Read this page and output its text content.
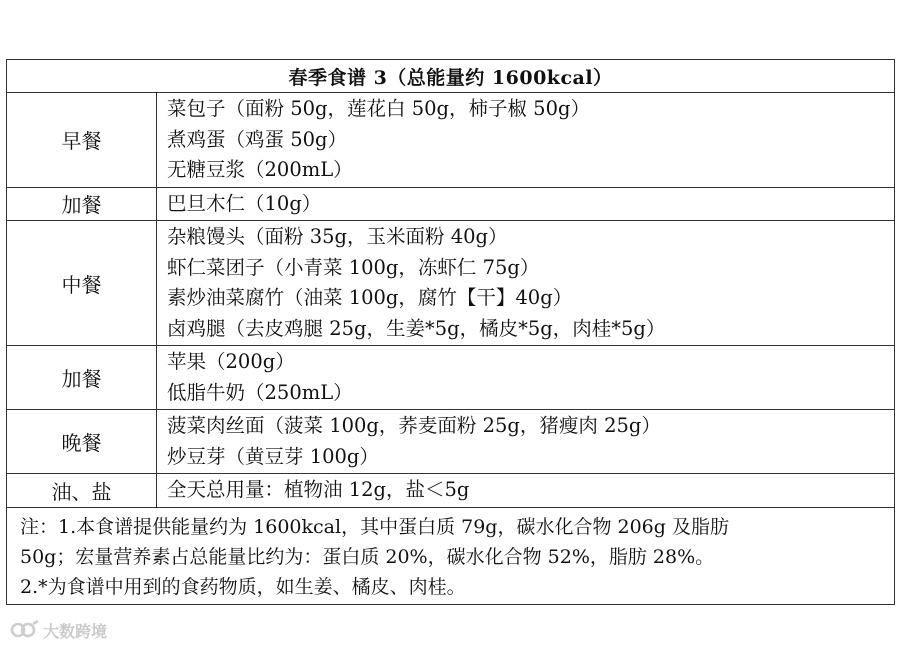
春季食谱 3（总能量约 1600kcal）	
早餐	菜包子（面粉 50g，莲花白 50g，柿子椒 50g）
煮鸡蛋（鸡蛋 50g）
无糖豆浆（200mL）

加餐	巴旦木仁（10g）

中餐	杂粮馒头（面粉 35g，玉米面粉 40g）
虾仁菜团子（小青菜 100g，冻虾仁 75g）
素炒油菜腐竹（油菜 100g，腐竹【干】40g）
卤鸡腿（去皮鸡腿 25g，生姜*5g，橘皮*5g，肉桂*5g）

加餐	苹果（200g）
低脂牛奶（250mL）

晚餐	菠菜肉丝面（菠菜 100g，荞麦面粉 25g，猪瘦肉 25g）
炒豆芽（黄豆芽 100g）

油、盐	全天总用量：植物油 12g，盐＜5g

注：1.本食谱提供能量约为 1600kcal，其中蛋白质 79g，碳水化合物 206g 及脂肪
50g；宏量营养素占总能量比约为：蛋白质 20%，碳水化合物 52%，脂肪 28%。
2.*为食谱中用到的食药物质，如生姜、橘皮、肉桂。	
大数跨境
